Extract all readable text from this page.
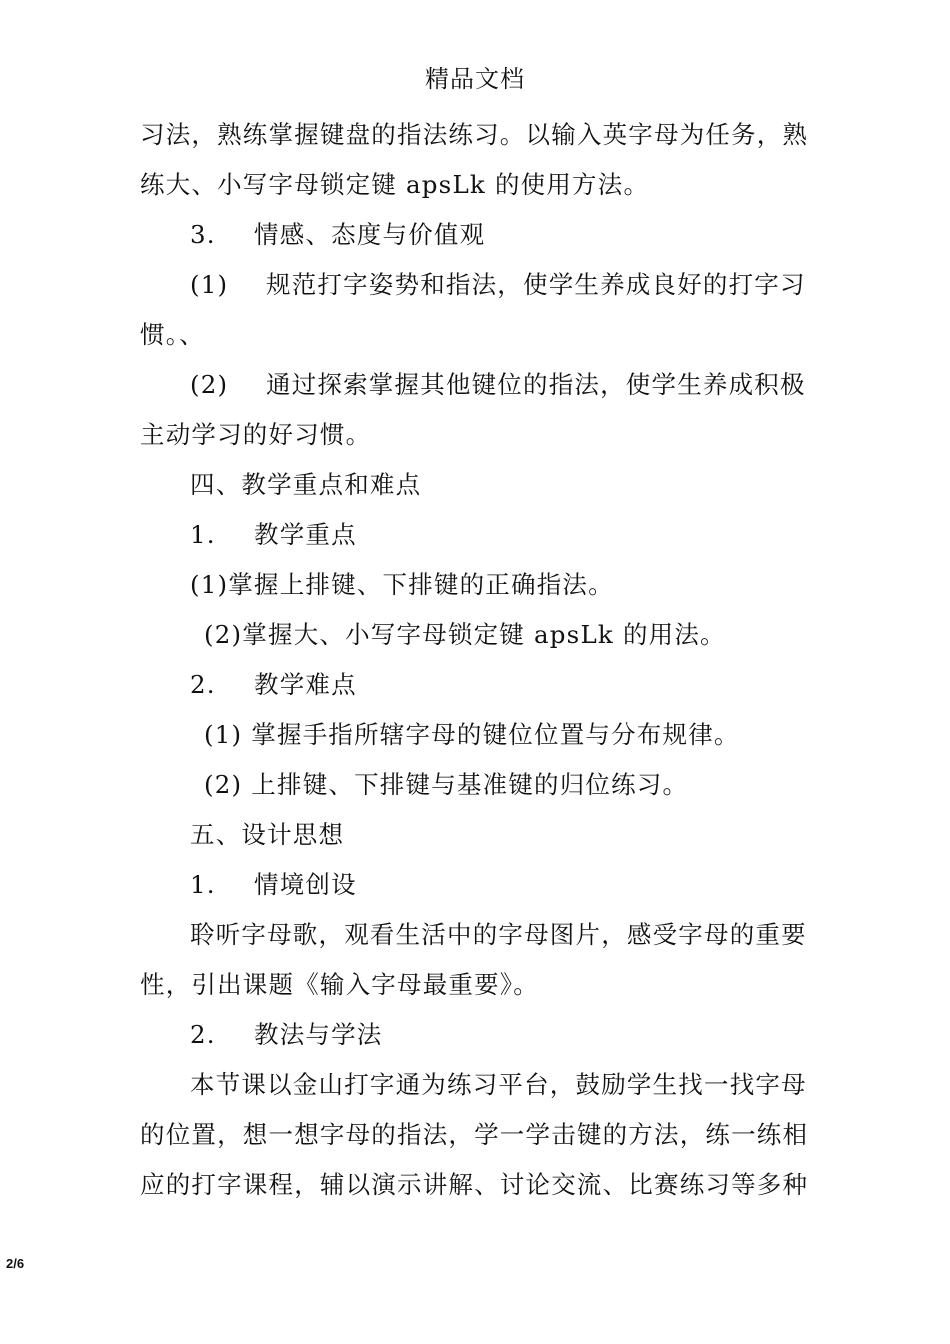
精品文档
习法，熟练掌握键盘的指法练习。以输入英字母为任务，熟
练大、小写字母锁定键 apsLk 的使用方法。
3. 情感、态度与价值观
(1) 规范打字姿势和指法，使学生养成良好的打字习
惯。、
(2) 通过探索掌握其他键位的指法，使学生养成积极
主动学习的好习惯。
四、教学重点和难点
1. 教学重点
(1)掌握上排键、下排键的正确指法。
(2)掌握大、小写字母锁定键 apsLk 的用法。
2. 教学难点
(1) 掌握手指所辖字母的键位位置与分布规律。
(2) 上排键、下排键与基准键的归位练习。
五、设计思想
1. 情境创设
聆听字母歌，观看生活中的字母图片，感受字母的重要
性，引出课题《输入字母最重要》。
2. 教法与学法
本节课以金山打字通为练习平台，鼓励学生找一找字母
的位置，想一想字母的指法，学一学击键的方法，练一练相
应的打字课程，辅以演示讲解、讨论交流、比赛练习等多种
2/6
